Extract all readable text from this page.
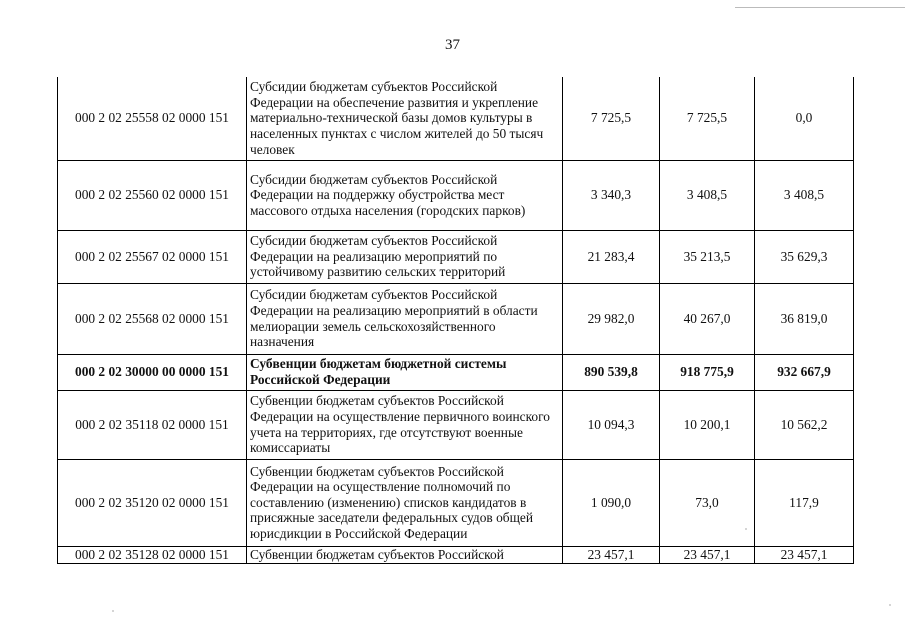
37
000 2 02 25558 02 0000 151	Субсидии бюджетам субъектов Российской Федерации на обеспечение развития и укрепление материально-технической базы домов культуры в населенных пунктах с числом жителей до 50 тысяч человек	7 725,5	7 725,5	0,0
000 2 02 25560 02 0000 151	Субсидии бюджетам субъектов Российской Федерации на поддержку обустройства мест массового отдыха населения (городских парков)	3 340,3	3 408,5	3 408,5
000 2 02 25567 02 0000 151	Субсидии бюджетам субъектов Российской Федерации на реализацию мероприятий по устойчивому развитию сельских территорий	21 283,4	35 213,5	35 629,3
000 2 02 25568 02 0000 151	Субсидии бюджетам субъектов Российской Федерации на реализацию мероприятий в области мелиорации земель сельскохозяйственного назначения	29 982,0	40 267,0	36 819,0
000 2 02 30000 00 0000 151	Субвенции бюджетам бюджетной системы Российской Федерации	890 539,8	918 775,9	932 667,9
000 2 02 35118 02 0000 151	Субвенции бюджетам субъектов Российской Федерации на осуществление первичного воинского учета на территориях, где отсутствуют военные комиссариаты	10 094,3	10 200,1	10 562,2
000 2 02 35120 02 0000 151	Субвенции бюджетам субъектов Российской Федерации на осуществление полномочий по составлению (изменению) списков кандидатов в присяжные заседатели федеральных судов общей юрисдикции в Российской Федерации	1 090,0	73,0	117,9
000 2 02 35128 02 0000 151	Субвенции бюджетам субъектов Российской	23 457,1	23 457,1	23 457,1
